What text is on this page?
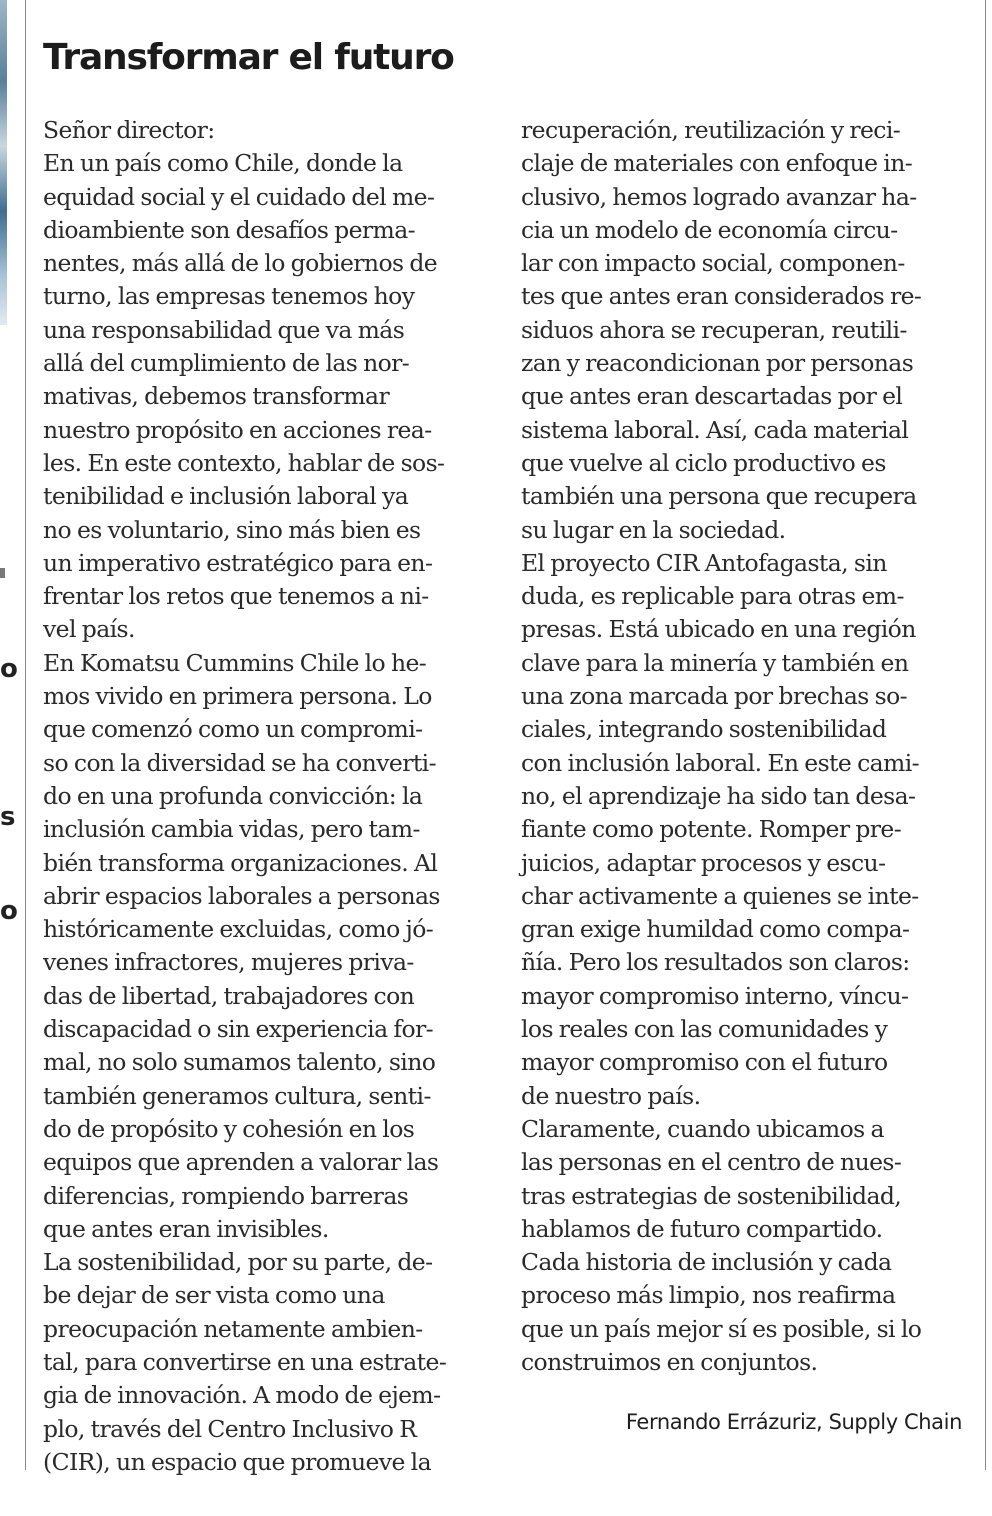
o
s
o
Transformar el futuro
Señor director:
En un país como Chile, donde la
equidad social y el cuidado del me-
dioambiente son desafíos perma-
nentes, más allá de lo gobiernos de
turno, las empresas tenemos hoy
una responsabilidad que va más
allá del cumplimiento de las nor-
mativas, debemos transformar
nuestro propósito en acciones rea-
les. En este contexto, hablar de sos-
tenibilidad e inclusión laboral ya
no es voluntario, sino más bien es
un imperativo estratégico para en-
frentar los retos que tenemos a ni-
vel país.
En Komatsu Cummins Chile lo he-
mos vivido en primera persona. Lo
que comenzó como un compromi-
so con la diversidad se ha converti-
do en una profunda convicción: la
inclusión cambia vidas, pero tam-
bién transforma organizaciones. Al
abrir espacios laborales a personas
históricamente excluidas, como jó-
venes infractores, mujeres priva-
das de libertad, trabajadores con
discapacidad o sin experiencia for-
mal, no solo sumamos talento, sino
también generamos cultura, senti-
do de propósito y cohesión en los
equipos que aprenden a valorar las
diferencias, rompiendo barreras
que antes eran invisibles.
La sostenibilidad, por su parte, de-
be dejar de ser vista como una
preocupación netamente ambien-
tal, para convertirse en una estrate-
gia de innovación. A modo de ejem-
plo, través del Centro Inclusivo R
(CIR), un espacio que promueve la
recuperación, reutilización y reci-
claje de materiales con enfoque in-
clusivo, hemos logrado avanzar ha-
cia un modelo de economía circu-
lar con impacto social, componen-
tes que antes eran considerados re-
siduos ahora se recuperan, reutili-
zan y reacondicionan por personas
que antes eran descartadas por el
sistema laboral. Así, cada material
que vuelve al ciclo productivo es
también una persona que recupera
su lugar en la sociedad.
El proyecto CIR Antofagasta, sin
duda, es replicable para otras em-
presas. Está ubicado en una región
clave para la minería y también en
una zona marcada por brechas so-
ciales, integrando sostenibilidad
con inclusión laboral. En este cami-
no, el aprendizaje ha sido tan desa-
fiante como potente. Romper pre-
juicios, adaptar procesos y escu-
char activamente a quienes se inte-
gran exige humildad como compa-
ñía. Pero los resultados son claros:
mayor compromiso interno, víncu-
los reales con las comunidades y
mayor compromiso con el futuro
de nuestro país.
Claramente, cuando ubicamos a
las personas en el centro de nues-
tras estrategias de sostenibilidad,
hablamos de futuro compartido.
Cada historia de inclusión y cada
proceso más limpio, nos reafirma
que un país mejor sí es posible, si lo
construimos en conjuntos.
Fernando Errázuriz, Supply Chain
